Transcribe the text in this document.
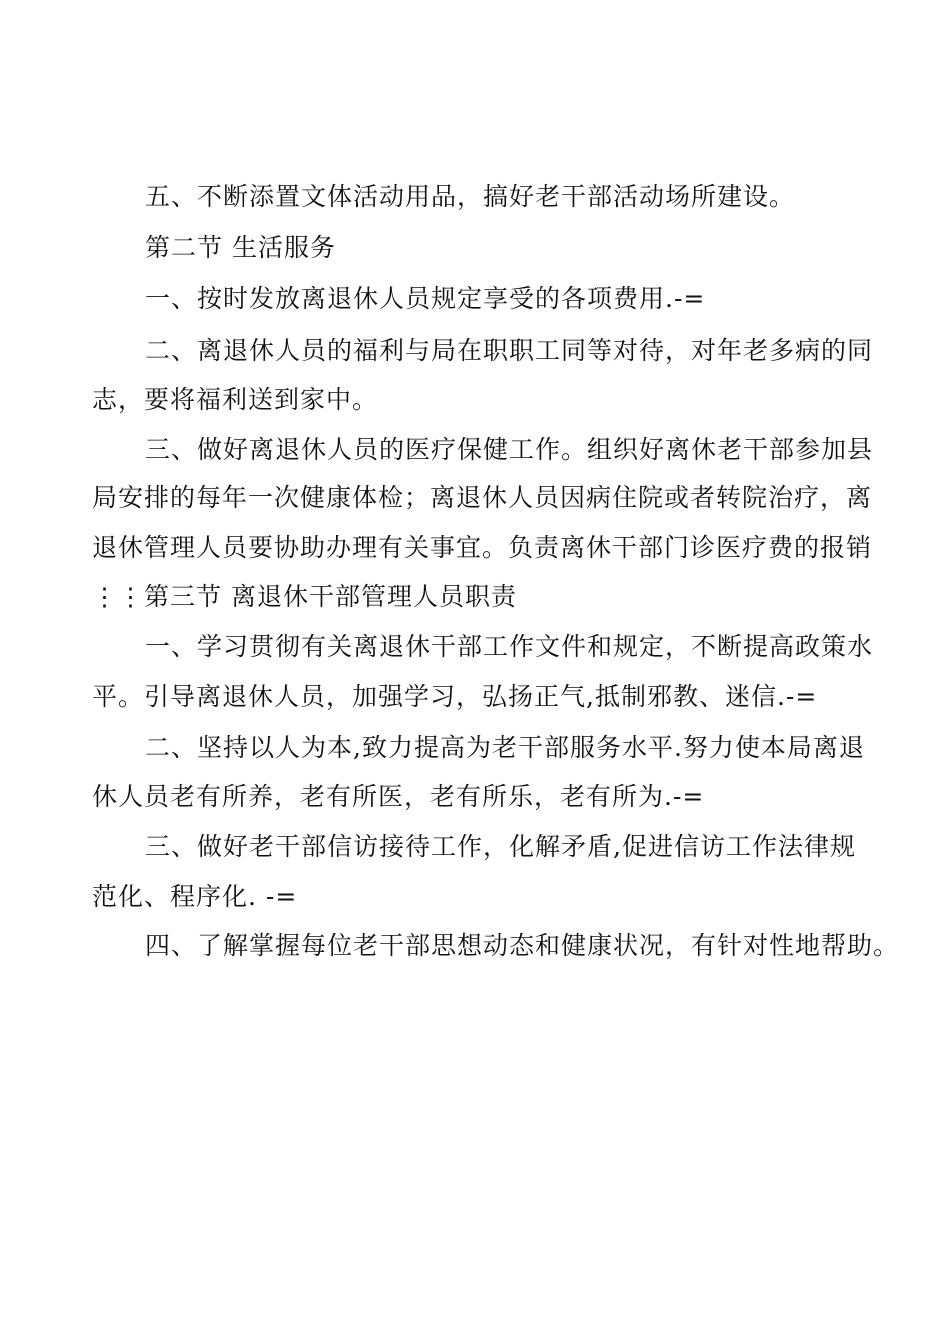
五、不断添置文体活动用品，搞好老干部活动场所建设。
第二节 生活服务
一、按时发放离退休人员规定享受的各项费用.-=
二、离退休人员的福利与局在职职工同等对待，对年老多病的同
志，要将福利送到家中。
三、做好离退休人员的医疗保健工作。组织好离休老干部参加县
局安排的每年一次健康体检；离退休人员因病住院或者转院治疗，离
退休管理人员要协助办理有关事宜。负责离休干部门诊医疗费的报销
⋮⋮第三节 离退休干部管理人员职责
一、学习贯彻有关离退休干部工作文件和规定，不断提高政策水
平。引导离退休人员，加强学习，弘扬正气,抵制邪教、迷信.-=
二、坚持以人为本,致力提高为老干部服务水平.努力使本局离退
休人员老有所养，老有所医，老有所乐，老有所为.-=
三、做好老干部信访接待工作，化解矛盾,促进信访工作法律规
范化、程序化. -=
四、了解掌握每位老干部思想动态和健康状况，有针对性地帮助。
